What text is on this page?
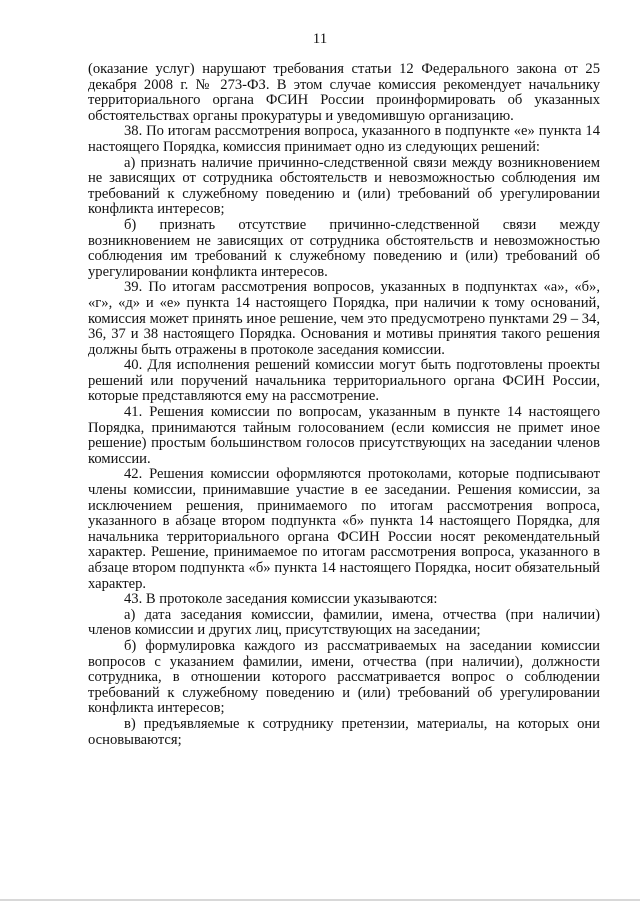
11

(оказание услуг) нарушают требования статьи 12 Федерального закона от 25 декабря 2008 г. № 273-ФЗ. В этом случае комиссия рекомендует начальнику территориального органа ФСИН России проинформировать об указанных обстоятельствах органы прокуратуры и уведомившую организацию.

38. По итогам рассмотрения вопроса, указанного в подпункте «е» пункта 14 настоящего Порядка, комиссия принимает одно из следующих решений:

а) признать наличие причинно-следственной связи между возникновением не зависящих от сотрудника обстоятельств и невозможностью соблюдения им требований к служебному поведению и (или) требований об урегулировании конфликта интересов;

б) признать отсутствие причинно-следственной связи между возникновением не зависящих от сотрудника обстоятельств и невозможностью соблюдения им требований к служебному поведению и (или) требований об урегулировании конфликта интересов.

39. По итогам рассмотрения вопросов, указанных в подпунктах «а», «б», «г», «д» и «е» пункта 14 настоящего Порядка, при наличии к тому оснований, комиссия может принять иное решение, чем это предусмотрено пунктами 29 – 34, 36, 37 и 38 настоящего Порядка. Основания и мотивы принятия такого решения должны быть отражены в протоколе заседания комиссии.

40. Для исполнения решений комиссии могут быть подготовлены проекты решений или поручений начальника территориального органа ФСИН России, которые представляются ему на рассмотрение.

41. Решения комиссии по вопросам, указанным в пункте 14 настоящего Порядка, принимаются тайным голосованием (если комиссия не примет иное решение) простым большинством голосов присутствующих на заседании членов комиссии.

42. Решения комиссии оформляются протоколами, которые подписывают члены комиссии, принимавшие участие в ее заседании. Решения комиссии, за исключением решения, принимаемого по итогам рассмотрения вопроса, указанного в абзаце втором подпункта «б» пункта 14 настоящего Порядка, для начальника территориального органа ФСИН России носят рекомендательный характер. Решение, принимаемое по итогам рассмотрения вопроса, указанного в абзаце втором подпункта «б» пункта 14 настоящего Порядка, носит обязательный характер.

43. В протоколе заседания комиссии указываются:

а) дата заседания комиссии, фамилии, имена, отчества (при наличии) членов комиссии и других лиц, присутствующих на заседании;

б) формулировка каждого из рассматриваемых на заседании комиссии вопросов с указанием фамилии, имени, отчества (при наличии), должности сотрудника, в отношении которого рассматривается вопрос о соблюдении требований к служебному поведению и (или) требований об урегулировании конфликта интересов;

в) предъявляемые к сотруднику претензии, материалы, на которых они основываются;
